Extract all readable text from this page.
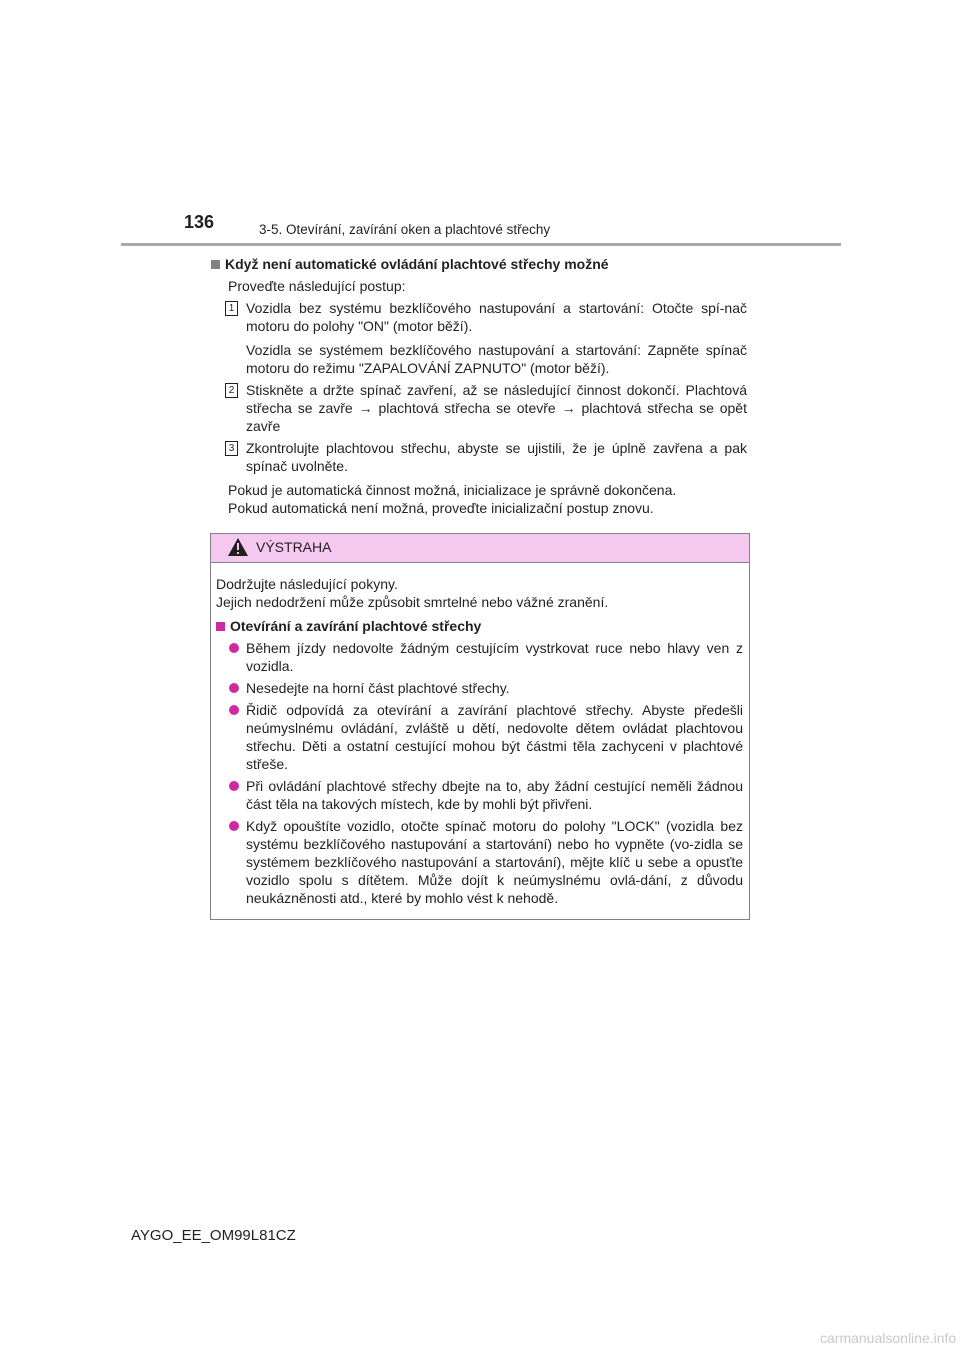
136	3-5. Otevírání, zavírání oken a plachtové střechy
Když není automatické ovládání plachtové střechy možné
Proveďte následující postup:
1 Vozidla bez systému bezklíčového nastupování a startování: Otočte spí-nač motoru do polohy "ON" (motor běží).

Vozidla se systémem bezklíčového nastupování a startování: Zapněte spínač motoru do režimu "ZAPALOVÁNÍ ZAPNUTO" (motor běží).

2 Stiskněte a držte spínač zavření, až se následující činnost dokončí. Plachtová střecha se zavře → plachtová střecha se otevře → plachtová střecha se opět zavře

3 Zkontrolujte plachtovou střechu, abyste se ujistili, že je úplně zavřena a pak spínač uvolněte.

Pokud je automatická činnost možná, inicializace je správně dokončena.
Pokud automatická není možná, proveďte inicializační postup znovu.
VÝSTRAHA

Dodržujte následující pokyny.

Jejich nedodržení může způsobit smrtelné nebo vážné zranění.

Otevírání a zavírání plachtové střechy

Během jízdy nedovolte žádným cestujícím vystrkovat ruce nebo hlavy ven z vozidla.

Nesedejte na horní část plachtové střechy.

Řidič odpovídá za otevírání a zavírání plachtové střechy. Abyste předešli neúmyslnému ovládání, zvláště u dětí, nedovolte dětem ovládat plachtovou střechu. Děti a ostatní cestující mohou být částmi těla zachyceni v plachtové střeše.

Při ovládání plachtové střechy dbejte na to, aby žádní cestující neměli žádnou část těla na takových místech, kde by mohli být přivřeni.

Když opouštíte vozidlo, otočte spínač motoru do polohy "LOCK" (vozidla bez systému bezklíčového nastupování a startování) nebo ho vypněte (vo-zidla se systémem bezklíčového nastupování a startování), mějte klíč u sebe a opusťte vozidlo spolu s dítětem. Může dojít k neúmyslnému ovlá-dání, z důvodu neukázněnosti atd., které by mohlo vést k nehodě.

AYGO_EE_OM99L81CZ
carmanualsonline.info
